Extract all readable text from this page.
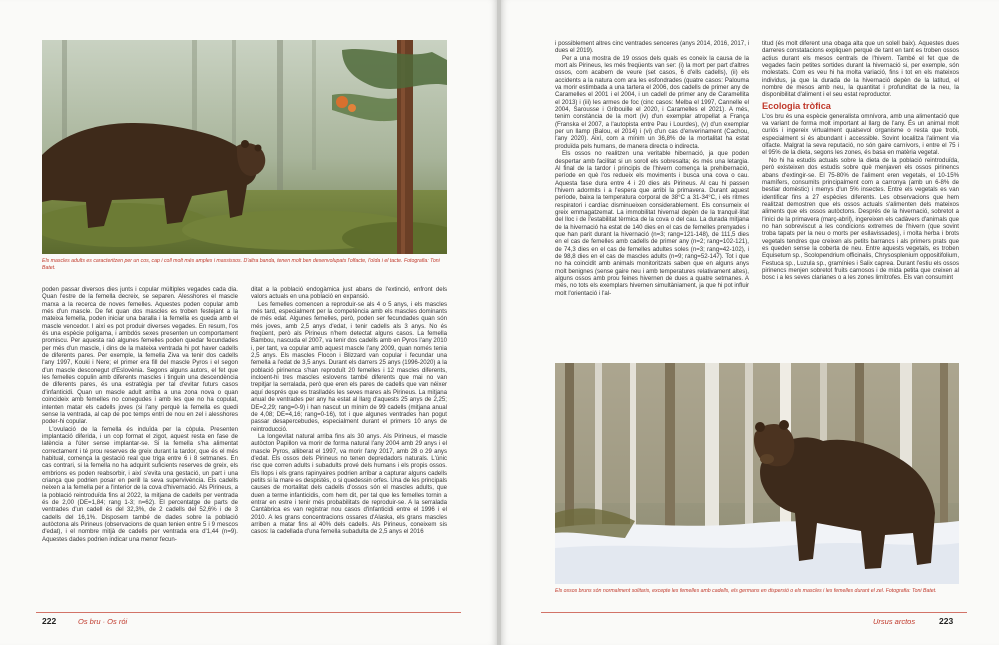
Els mascles adults es caracteritzen per un cos, cap i coll molt més amples i massissos. D'altra banda, tenen molt ben desenvolupats l'olfacte, l'oïda i el tacte. Fotografia: Toni Batet.

poden passar diversos dies junts i copular múltiples vegades cada dia. Quan l'estre de la femella decreix, se separen. Alesshores el mascle marxa a la recerca de noves femelles. Aquestes poden copular amb més d'un mascle. De fet quan dos mascles es troben festejant a la mateixa femella, poden iniciar una baralla i la femella es queda amb el mascle vencedor. I així es pot produir diverses vegades. En resum, l'os és una espècie polígama, i ambdós sexes presenten un comportament promiscu. Per aquesta raó algunes femelles poden quedar fecundades per més d'un mascle, i dins de la mateixa ventrada hi pot haver cadells de diferents pares. Per exemple, la femella Ziva va tenir dos cadells l'any 1997, Kouki i Nere; el primer era fill del mascle Pyros i el segon d'un mascle desconegut d'Eslovènia. Segons alguns autors, el fet que les femelles copulin amb diferents mascles i tinguin una descendència de diferents pares, és una estratègia per tal d'evitar futurs casos d'infanticidi. Quan un mascle adult arriba a una zona nova o quan coincideix amb femelles no conegudes i amb les que no ha copulat, intenten matar els cadells joves (si l'any perquè la femella es quedi sense la ventrada, al cap de poc temps entri de nou en zel i alesshores poder-hi copular.

L'ovulació de la femella és induïda per la còpula. Presenten implantació diferida, i un cop format el zigot, aquest resta en fase de latència a l'úter sense implantar-se. Si la femella s'ha alimentat correctament i té prou reserves de greix durant la tardor, que és el més habitual, comença la gestació real que triga entre 6 i 8 setmanes. En cas contrari, si la femella no ha adquirit suficients reserves de greix, els embrions es poden reabsorbir, i així s'evita una gestació, un part i una criança que podrien posar en perill la seva supervivència. Els cadells neixen a la femella per a l'interior de la cova d'hivernació. Als Pirineus, a la població reintroduïda fins al 2022, la mitjana de cadells per ventrada és de 2,00 (DE=1,84; rang 1-3; n=62). El percentatge de parts de ventrades d'un cadell és del 32,3%, de 2 cadells del 52,6% i de 3 cadells del 16,1%. Disposem també de dades sobre la població autòctona als Pirineus (observacions de quan tenien entre 5 i 9 mescos d'edat), i el nombre mitjà de cadells per ventrada era d'1,44 (n=9). Aquestes dades podrien indicar una menor fecun-

ditat a la població endogàmica just abans de l'extinció, enfront dels valors actuals en una població en expansió.

Les femelles comencen a reproduir-se als 4 o 5 anys, i els mascles més tard, especialment per la competència amb els mascles dominants de més edat. Algunes femelles, però, poden ser fecundades quan són més joves, amb 2,5 anys d'edat, i tenir cadells als 3 anys. No és freqüent, però als Pirineus n'hem detectat alguns casos. La femella Bambou, nascuda el 2007, va tenir dos cadells amb en Pyros l'any 2010 i, per tant, va copular amb aquest mascle l'any 2009, quan només tenia 2,5 anys. Els mascles Flocon i Blizzard van copular i fecundar una femella a l'edat de 3,5 anys. Durant els darrers 25 anys (1996-2020) a la població pirinenca s'han reproduït 20 femelles i 12 mascles diferents, incloent-hi tres mascles eslovens també diferents que mai no van trepitjar la serralada, però que eren els pares de cadells que van néixer aquí després que es traslladés les seves mares als Pirineus. La mitjana anual de ventrades per any ha estat al llarg d'aquests 25 anys de 2,25; DE=2,29; rang=0-9) i han nascut un mínim de 99 cadells (mitjana anual de 4,08; DE=4,16; rang=0-16), tot i que algunes ventrades han pogut passar desapercebudes, especialment durant el primers 10 anys de reintroducció.

La longevitat natural arriba fins als 30 anys. Als Pirineus, el mascle autòcton Papillon va morir de forma natural l'any 2004 amb 29 anys i el mascle Pyros, alliberat el 1997, va morir l'any 2017, amb 28 o 29 anys d'edat. Els ossos dels Pirineus no tenen depredadors naturals. L'únic risc que corren adults i subadults prové dels humans i els propis ossos. Els llops i els grans rapinyaires podrien arribar a capturar alguns cadells petits si la mare es despistés, o si quedessin orfes. Una de les principals causes de mortalitat dels cadells d'ossos són el mascles adults, que duen a terme infanticidis, com hem dit, per tal que les femelles tornin a entrar en estre i tenir més probabilitats de reproduir-se. A la serralada Cantàbrica es van registrar nou casos d'infanticidi entre el 1996 i el 2010. A les grans concentracions ossares d'Alaska, els grans mascles arriben a matar fins al 40% dels cadells. Als Pirineus, coneixem sis casos: la cadellada d'una femella subadulta de 2,5 anys el 2016

222	Os bru · Os rói

i possiblement altres cinc ventrades senceres (anys 2014, 2016, 2017, i dues el 2019).

Per a una mostra de 19 ossos dels quals es coneix la causa de la mort als Pirineus, les més freqüents van ser: (i) la mort per part d'altres ossos, com acabem de veure (set casos, 6 d'ells cadells), (ii) els accidents a la natura com ara les esfondrades (quatre casos: Palouma va morir estimbada a una tartera el 2006, dos cadells de primer any de Caramelles el 2001 i el 2004, i un cadell de primer any de Caramellita el 2013) i (iii) les armes de foc (cinc casos: Melba el 1997, Cannelle el 2004, Sarousse i Gribouille el 2020, i Caramelles el 2021). A més, tenim constància de la mort (iv) d'un exemplar atropellat a França (Franska el 2007, a l'autopista entre Pau i Lourdes), (v) d'un exemplar per un llamp (Balou, el 2014) i (vi) d'un cas d'enverinament (Cachou, l'any 2020). Així, com a mínim un 36,8% de la mortalitat ha estat produïda pels humans, de manera directa o indirecta.

Els ossos no realitzen una veritable hibernació, ja que poden despertar amb facilitat si un soroll els sobresalta; és més una letargia. Al final de la tardor i principis de l'hivern comença la prehibernació, període en què l'os redueix els moviments i busca una cova o cau. Aquesta fase dura entre 4 i 20 dies als Pirineus. Al cau hi passen l'hivern adormits i a l'espera que arribi la primavera. Durant aquest període, baixa la temperatura corporal de 38°C a 31-34°C, i els ritmes respiratori i cardíac disminueixen considerablement. Els consumeix el greix emmagatzemat. La immobilitat hivernal depèn de la tranquil·litat del lloc i de l'estabilitat tèrmica de la cova o del cau. La durada mitjana de la hivernació ha estat de 140 dies en el cas de femelles prenyades i que han parit durant la hivernació (n=3; rang=121-148), de 111,5 dies en el cas de femelles amb cadells de primer any (n=2; rang=102-121), de 74,3 dies en el cas de femelles adultes soles (n=3; rang=42-102), i de 98,8 dies en el cas de mascles adults (n=9; rang=52-147). Tot i que no ha coincidit amb animals monitoritzats saben que en alguns anys molt benignes (sense gaire neu i amb temperatures relativament altes), alguns ossos amb prou feines hivernen de dues a quatre setmanes. A més, no tots els exemplars hivernen simultàniament, ja que hi pot influir molt l'orientació i l'al-

titud (és molt diferent una obaga alta que un solell baix). Aquestes dues darreres constatacions expliquen perquè de tant en tant es troben ossos actius durant els mesos centrals de l'hivern. També el fet que de vegades facin petites sortides durant la hivernació si, per exemple, són molestats. Com es veu hi ha molta variació, fins i tot en els mateixos individus, ja que la durada de la hivernació depèn de la latitud, el nombre de mesos amb neu, la quantitat i profunditat de la neu, la disponibilitat d'aliment i el seu estat reproductor.

Ecologia tròfica

L'os bru és una espècie generalista omnívora, amb una alimentació que va variant de forma molt important al llarg de l'any. És un animal molt curiós i ingereix virtualment qualsevol organisme o resta que trobi, especialment si és abundant i accessible. Sovint localitza l'aliment via olfacte. Malgrat la seva reputació, no són gaire carnívors, i entre el 75 i el 95% de la dieta, segons les zones, és basa en matèria vegetal.

No hi ha estudis actuals sobre la dieta de la població reintroduïda, però existeixen dos estudis sobre què menjaven els ossos pirinencs abans d'extingir-se. El 75-80% de l'aliment eren vegetals, el 10-15% mamífers, consumits principalment com a carronya (amb un 6-8% de bestiar domèstic) i menys d'un 5% insectes. Entre els vegetals es van identificar fins a 27 espècies diferents. Les observacions que hem realitzat demostren que els ossos actuals s'alimenten dels mateixos aliments que els ossos autòctons. Després de la hivernació, sobretot a l'inici de la primavera (març-abril), ingereixen els cadàvers d'animals que no han sobreviscut a les condicions extremes de l'hivern (que sovint troba tapats per la neu o morts per esllavissades), i molta herba i brots vegetals tendres que creixen als petits barrancs i als primers prats que es queden sense la coberta de neu. Entre aquests vegetals, es troben Equisetum sp., Scolopendrium officinalis, Chrysosplenium oppositifolium, Festuca sp., Luzula sp., gramínies i Salix caprea. Durant l'estiu els ossos pirinencs menjen sobretot fruits carnosos i de mida petita que creixen al bosc i a les seves clarianes o a les zones limítrofes. Els van consumint

Els ossos bruns són normalment solitaris, excepte les femelles amb cadells, els germans en dispersió o els mascles i les femelles durant el zel. Fotografia: Toni Batet.
Ursus arctos	223
